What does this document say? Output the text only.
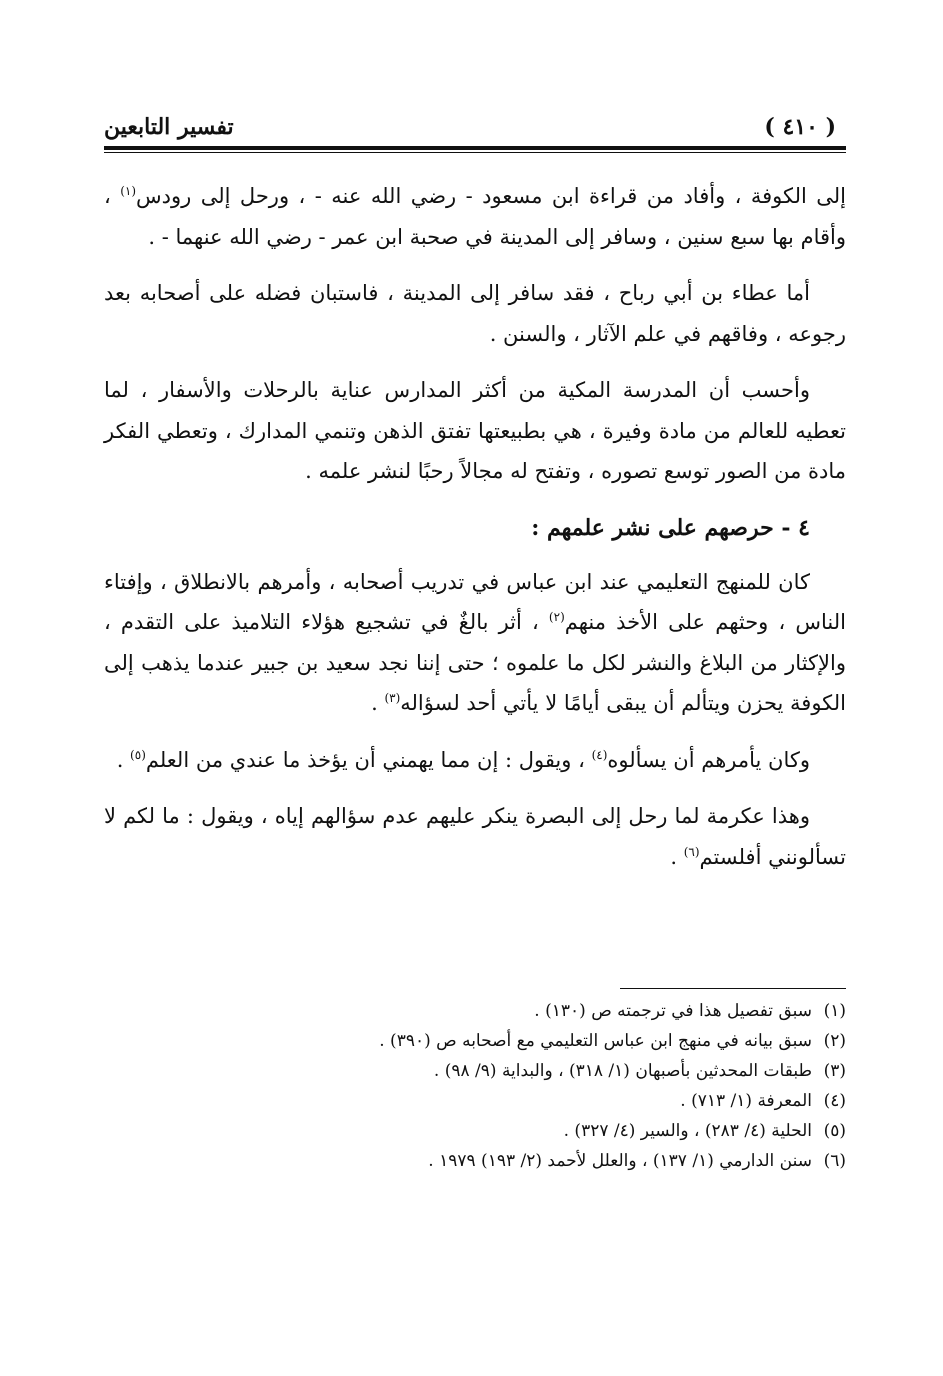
( ٤١٠ )
تفسير التابعين

إلى الكوفة ، وأفاد من قراءة ابن مسعود - رضي الله عنه - ، ورحل إلى رودس$^{(١)}$ ، وأقام بها سبع سنين ، وسافر إلى المدينة في صحبة ابن عمر - رضي الله عنهما - .

أما عطاء بن أبي رباح ، فقد سافر إلى المدينة ، فاستبان فضله على أصحابه بعد رجوعه ، وفاقهم في علم الآثار ، والسنن .

وأحسب أن المدرسة المكية من أكثر المدارس عناية بالرحلات والأسفار ، لما تعطيه للعالم من مادة وفيرة ، هي بطبيعتها تفتق الذهن وتنمي المدارك ، وتعطي الفكر مادة من الصور توسع تصوره ، وتفتح له مجالاً رحبًا لنشر علمه .

٤ - حرصهم على نشر علمهم :

كان للمنهج التعليمي عند ابن عباس في تدريب أصحابه ، وأمرهم بالانطلاق ، وإفتاء الناس ، وحثهم على الأخذ منهم$^{(٢)}$ ، أثر بالغٌ في تشجيع هؤلاء التلاميذ على التقدم ، والإكثار من البلاغ والنشر لكل ما علموه ؛ حتى إننا نجد سعيد بن جبير عندما يذهب إلى الكوفة يحزن ويتألم أن يبقى أيامًا لا يأتي أحد لسؤاله$^{(٣)}$ .

وكان يأمرهم أن يسألوه$^{(٤)}$ ، ويقول : إن مما يهمني أن يؤخذ ما عندي من العلم$^{(٥)}$ .

وهذا عكرمة لما رحل إلى البصرة ينكر عليهم عدم سؤالهم إياه ، ويقول : ما لكم لا تسألونني أفلستم$^{(٦)}$ .

(١)سبق تفصيل هذا في ترجمته ص (١٣٠) .
(٢)سبق بيانه في منهج ابن عباس التعليمي مع أصحابه ص (٣٩٠) .
(٣)طبقات المحدثين بأصبهان (١/ ٣١٨) ، والبداية (٩/ ٩٨) .
(٤)المعرفة (١/ ٧١٣) .
(٥)الحلية (٤/ ٢٨٣) ، والسير (٤/ ٣٢٧) .
(٦)سنن الدارمي (١/ ١٣٧) ، والعلل لأحمد (٢/ ١٩٣) ١٩٧٩ .
